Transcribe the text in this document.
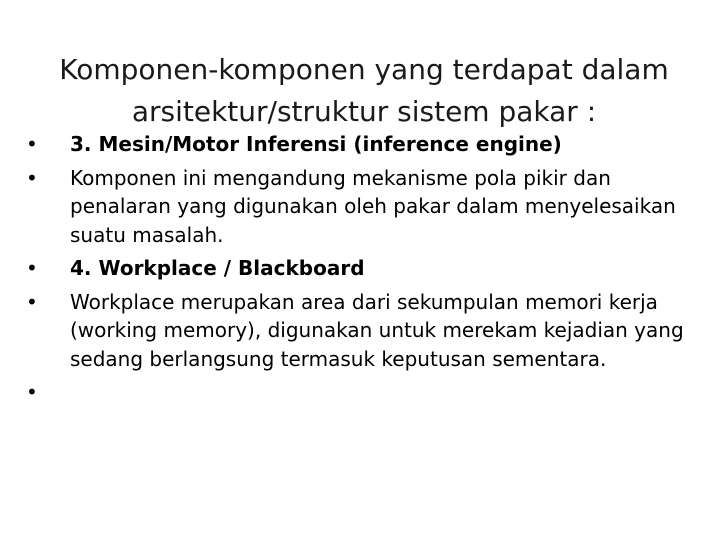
Komponen-komponen yang terdapat dalam arsitektur/struktur sistem pakar :
• 3. Mesin/Motor Inferensi (inference engine)
• Komponen ini mengandung mekanisme pola pikir dan penalaran yang digunakan oleh pakar dalam menyelesaikan suatu masalah.
• 4. Workplace / Blackboard
• Workplace merupakan area dari sekumpulan memori kerja (working memory), digunakan untuk merekam kejadian yang sedang berlangsung termasuk keputusan sementara.
•
